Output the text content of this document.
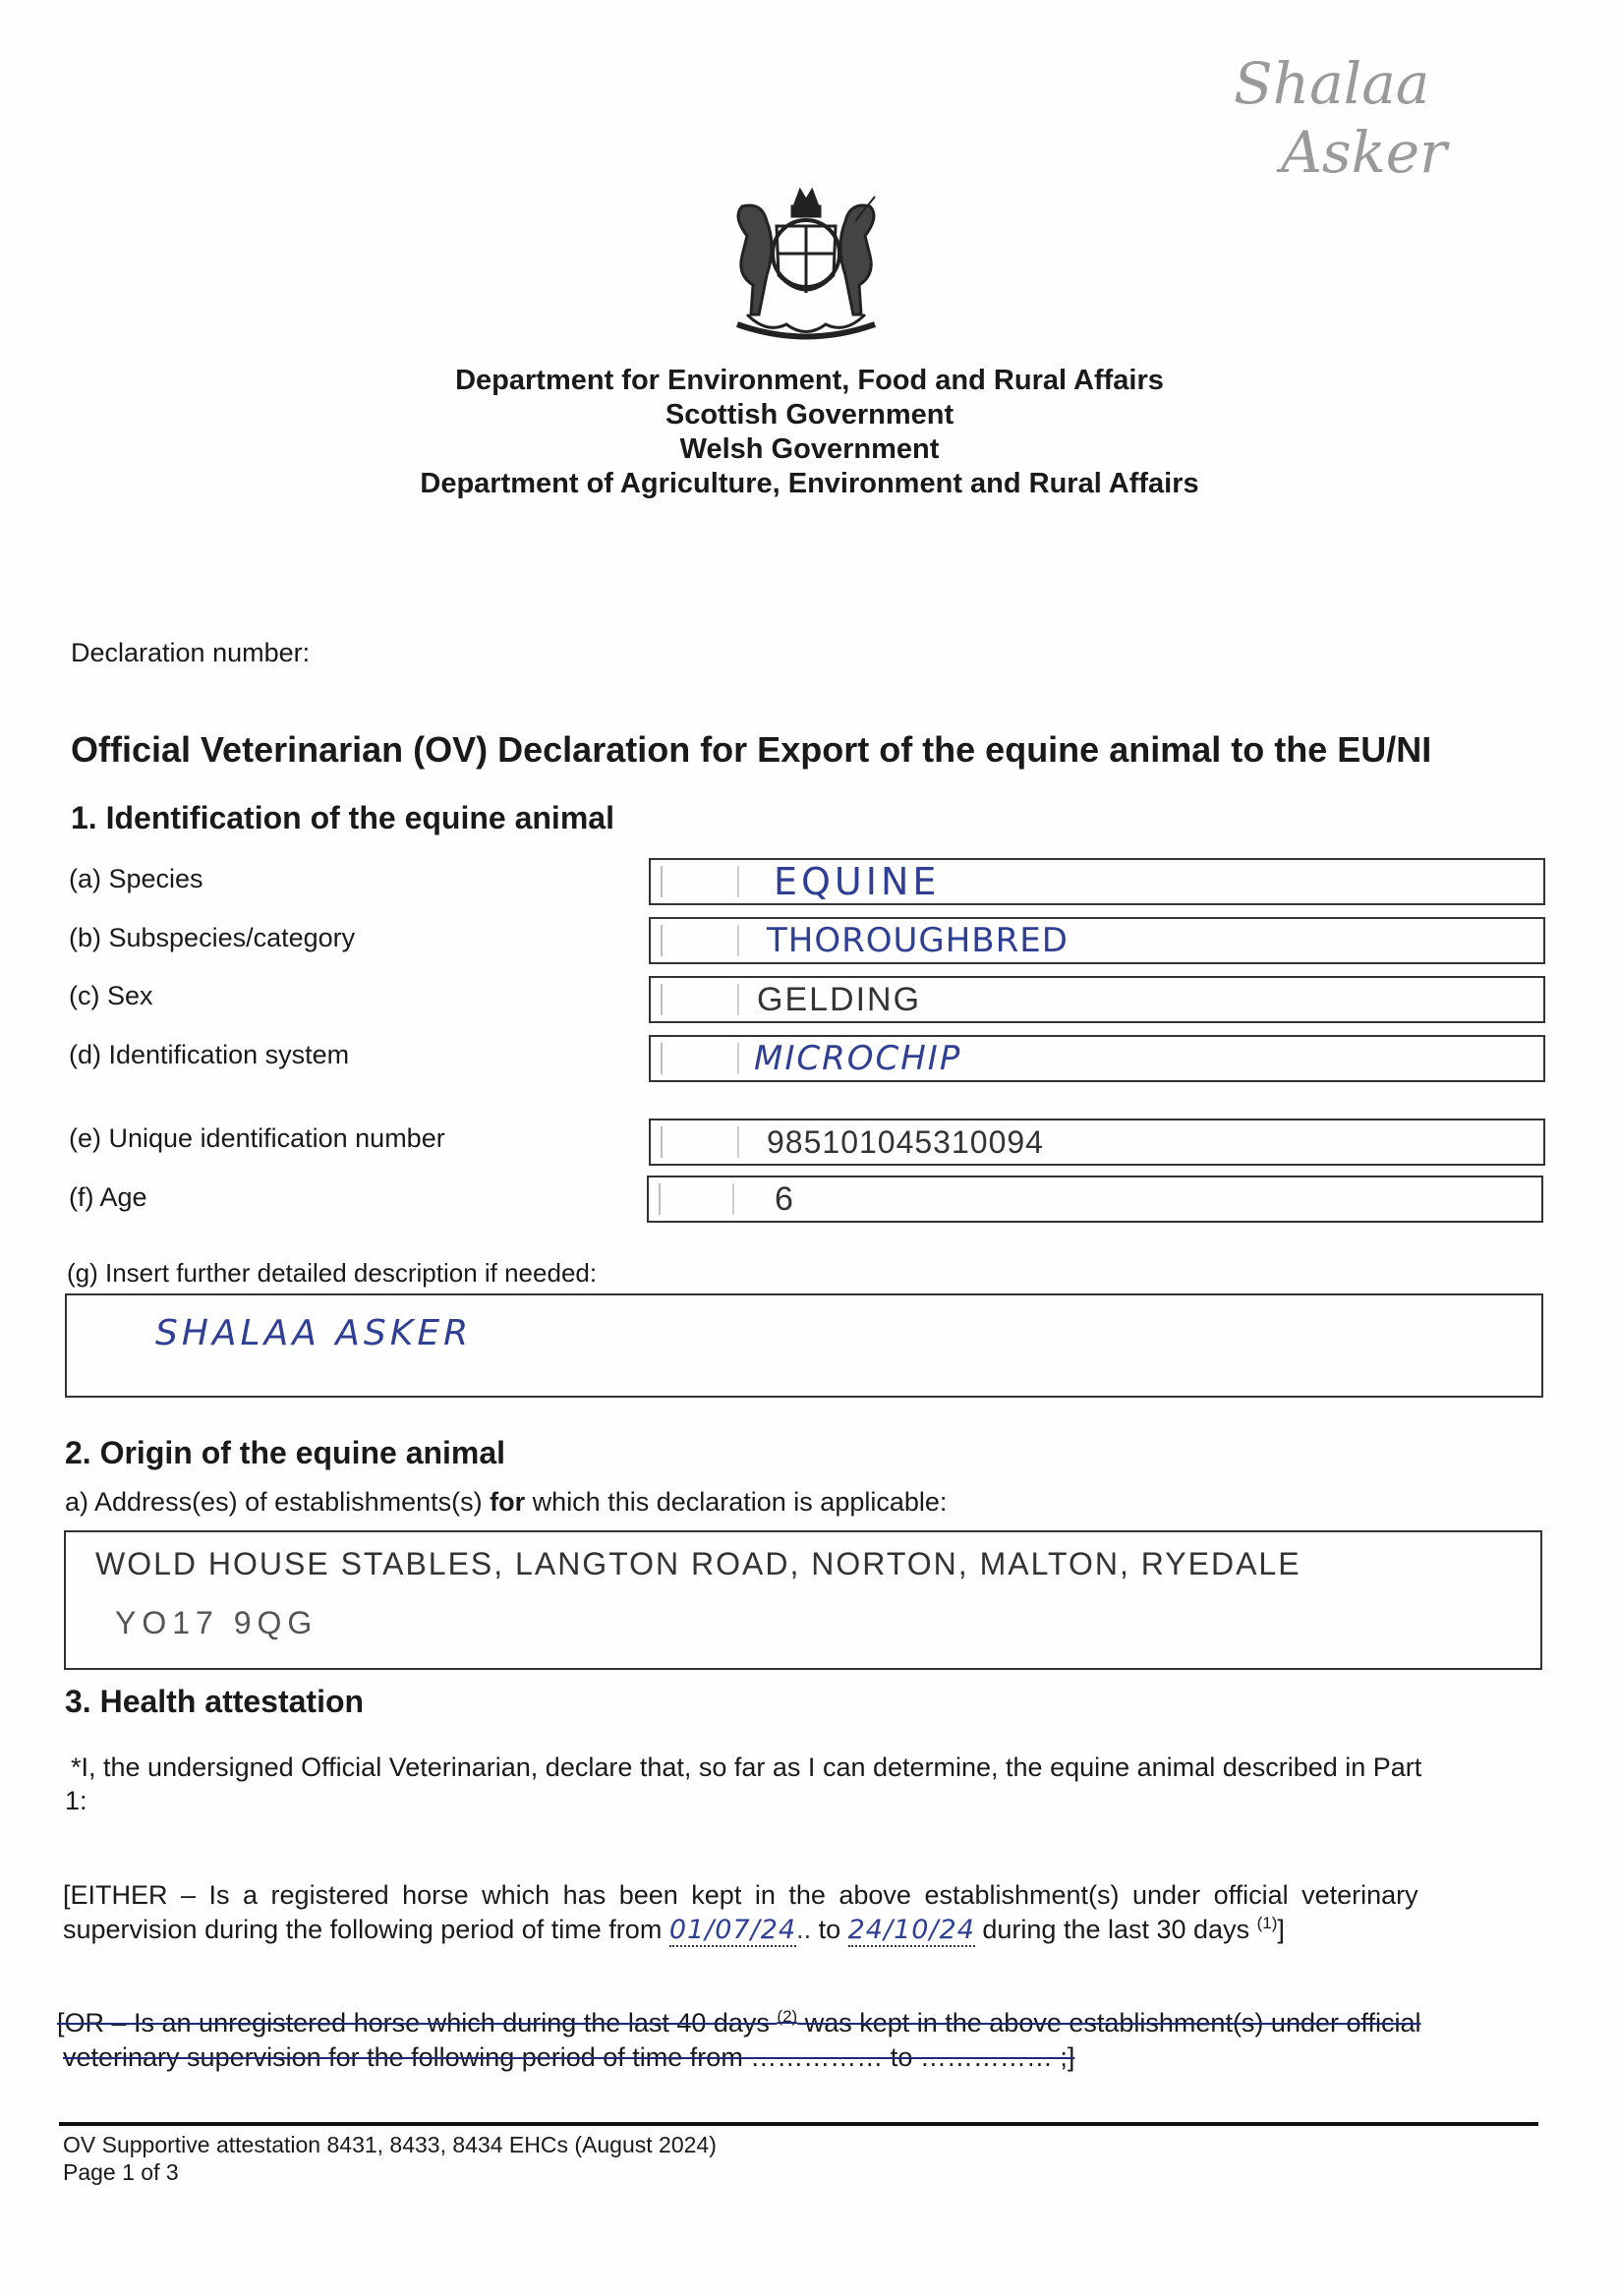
Shalaa
Asker
Department for Environment, Food and Rural Affairs
Scottish Government
Welsh Government
Department of Agriculture, Environment and Rural Affairs
Declaration number:
Official Veterinarian (OV) Declaration for Export of the equine animal to the EU/NI
1. Identification of the equine animal
(a) Species	EQUINE
(b) Subspecies/category	THOROUGHBRED
(c) Sex	GELDING
(d) Identification system	MICROCHIP
(e) Unique identification number	985101045310094
(f) Age	6
(g) Insert further detailed description if needed:
SHALAA ASKER
2. Origin of the equine animal
a) Address(es) of establishments(s) for which this declaration is applicable:
WOLD HOUSE STABLES, LANGTON ROAD, NORTON, MALTON, RYEDALE
YO17 9QG
3. Health attestation
*I, the undersigned Official Veterinarian, declare that, so far as I can determine, the equine animal described in Part
1:
[EITHER – Is a registered horse which has been kept in the above establishment(s) under official veterinary
supervision during the following period of time from 01/07/24.. to 24/10/24 during the last 30 days $^{(1)}$]
[OR – Is an unregistered horse which during the last 40 days $^{(2)}$ was kept in the above establishment(s) under official
veterinary supervision for the following period of time from …………… to …………… ;]
OV Supportive attestation 8431, 8433, 8434 EHCs (August 2024)
Page 1 of 3
